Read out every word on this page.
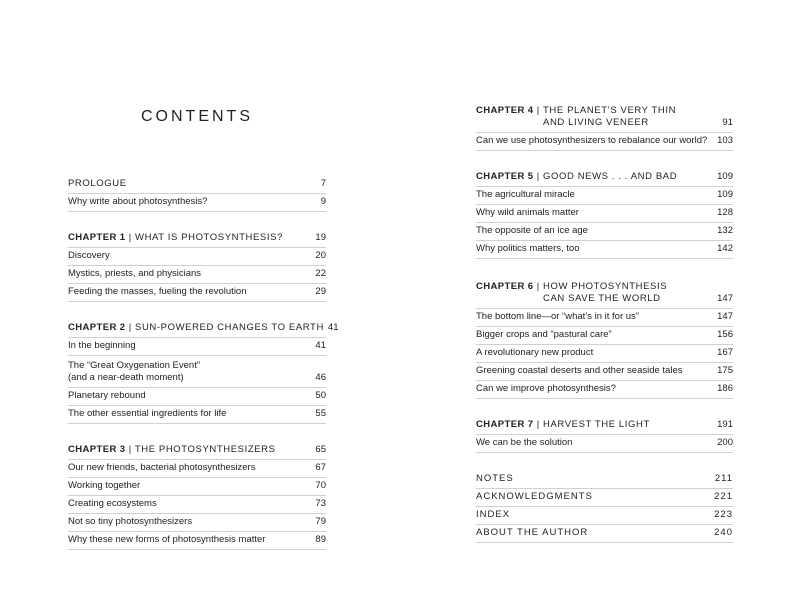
CONTENTS
PROLOGUE	7
Why write about photosynthesis?	9
CHAPTER 1 | WHAT IS PHOTOSYNTHESIS?	19
Discovery	20
Mystics, priests, and physicians	22
Feeding the masses, fueling the revolution	29
CHAPTER 2 | SUN-POWERED CHANGES TO EARTH 41
In the beginning	41
The “Great Oxygenation Event”
(and a near-death moment)	46
Planetary rebound	50
The other essential ingredients for life	55
CHAPTER 3 | THE PHOTOSYNTHESIZERS	65
Our new friends, bacterial photosynthesizers	67
Working together	70
Creating ecosystems	73
Not so tiny photosynthesizers	79
Why these new forms of photosynthesis matter	89
CHAPTER 4 | THE PLANET’S VERY THIN
AND LIVING VENEER	91
Can we use photosynthesizers to rebalance our world?	103
CHAPTER 5 | GOOD NEWS . . . AND BAD	109
The agricultural miracle	109
Why wild animals matter	128
The opposite of an ice age	132
Why politics matters, too	142
CHAPTER 6 | HOW PHOTOSYNTHESIS
CAN SAVE THE WORLD	147
The bottom line—or “what’s in it for us”	147
Bigger crops and “pastural care”	156
A revolutionary new product	167
Greening coastal deserts and other seaside tales	175
Can we improve photosynthesis?	186
CHAPTER 7 | HARVEST THE LIGHT	191
We can be the solution	200
NOTES	211
ACKNOWLEDGMENTS	221
INDEX	223
ABOUT THE AUTHOR	240
